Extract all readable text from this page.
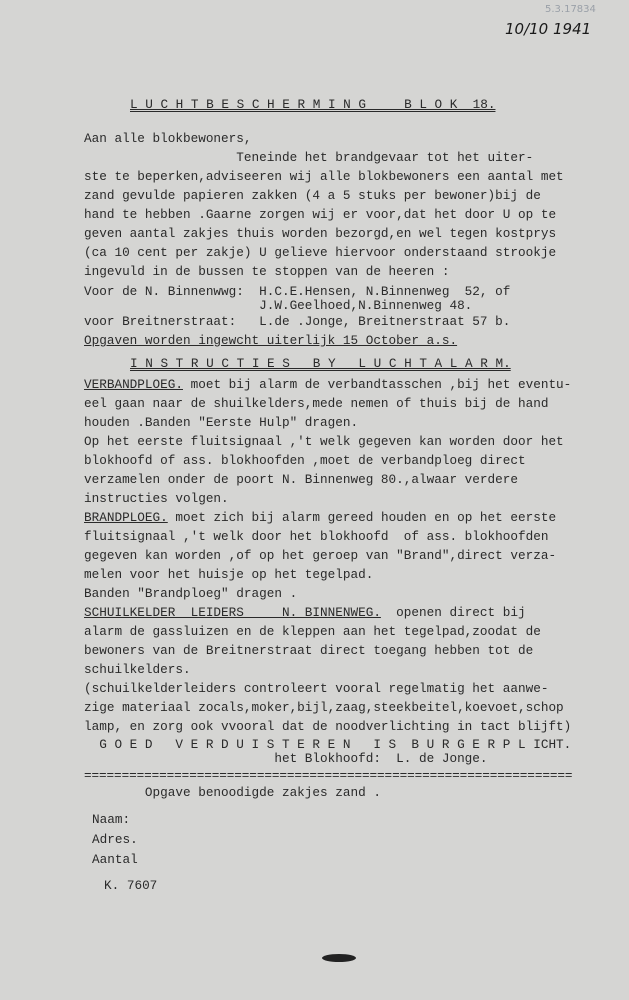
5.3.17834
10/10 1941
L U C H T B E S C H E R M I N G     B L O K  18.
Aan alle blokbewoners,
Teneinde het brandgevaar tot het uiter-
ste te beperken,adviseeren wij alle blokbewoners een aantal met
zand gevulde papieren zakken (4 a 5 stuks per bewoner)bij de
hand te hebben .Gaarne zorgen wij er voor,dat het door U op te
geven aantal zakjes thuis worden bezorgd,en wel tegen kostprys
(ca 10 cent per zakje) U gelieve hiervoor onderstaand strookje
ingevuld in de bussen te stoppen van de heeren :
Voor de N. Binnenwwg:  H.C.E.Hensen, N.Binnenweg  52, of
J.W.Geelhoed,N.Binnenweg 48.
voor Breitnerstraat:   L.de .Jonge, Breitnerstraat 57 b.
Opgaven worden ingewcht uiterlijk 15 October a.s.
I N S T R U C T I E S   B Y   L U C H T A L A R M.
VERBANDPLOEG. moet bij alarm de verbandtasschen ,bij het eventu-
eel gaan naar de shuilkelders,mede nemen of thuis bij de hand
houden .Banden "Eerste Hulp" dragen.
Op het eerste fluitsignaal ,'t welk gegeven kan worden door het
blokhoofd of ass. blokhoofden ,moet de verbandploeg direct
verzamelen onder de poort N. Binnenweg 80.,alwaar verdere
instructies volgen.
BRANDPLOEG. moet zich bij alarm gereed houden en op het eerste
fluitsignaal ,'t welk door het blokhoofd  of ass. blokhoofden
gegeven kan worden ,of op het geroep van "Brand",direct verza-
melen voor het huisje op het tegelpad.
Banden "Brandploeg" dragen .
SCHUILKELDER  LEIDERS     N. BINNENWEG.  openen direct bij
alarm de gassluizen en de kleppen aan het tegelpad,zoodat de
bewoners van de Breitnerstraat direct toegang hebben tot de
schuilkelders.
(schuilkelderleiders controleert vooral regelmatig het aanwe-
zige materiaal zocals,moker,bijl,zaag,steekbeitel,koevoet,schop
lamp, en zorg ook vvooral dat de noodverlichting in tact blijft)
G O E D   V E R D U I S T E R E N   I S  B U R G E R P L ICHT.
het Blokhoofd:  L. de Jonge.
=================================================================
Opgave benoodigde zakjes zand .
Naam:
Adres.
Aantal
K. 7607
